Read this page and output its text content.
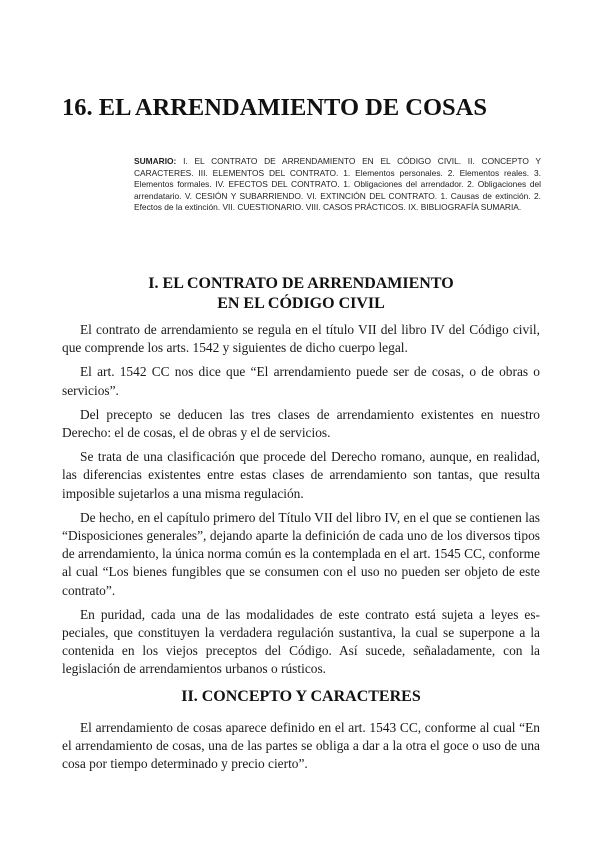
16. EL ARRENDAMIENTO DE COSAS

SUMARIO: I. EL CONTRATO DE ARRENDAMIENTO EN EL CÓDIGO CIVIL. II. CONCEPTO Y CARACTERES. III. ELEMENTOS DEL CONTRATO. 1. Elementos personales. 2. Elementos reales. 3. Elementos formales. IV. EFECTOS DEL CONTRATO. 1. Obligaciones del arrendador. 2. Obligaciones del arrendatario. V. CESIÓN Y SUBARRIENDO. VI. EXTINCIÓN DEL CONTRATO. 1. Causas de extinción. 2. Efectos de la extinción. VII. CUESTIONARIO. VIII. CASOS PRÁCTICOS. IX. BIBLIOGRAFÍA SUMARIA.

I. EL CONTRATO DE ARRENDAMIENTO
EN EL CÓDIGO CIVIL

El contrato de arrendamiento se regula en el título VII del libro IV del Código civil, que comprende los arts. 1542 y siguientes de dicho cuerpo legal.

El art. 1542 CC nos dice que “El arrendamiento puede ser de cosas, o de obras o servicios”.

Del precepto se deducen las tres clases de arrendamiento existentes en nuestro Derecho: el de cosas, el de obras y el de servicios.

Se trata de una clasificación que procede del Derecho romano, aunque, en realidad, las diferencias existentes entre estas clases de arrendamiento son tantas, que resulta imposible sujetarlos a una misma regulación.

De hecho, en el capítulo primero del Título VII del libro IV, en el que se contienen las “Disposiciones generales”, dejando aparte la definición de cada uno de los diversos tipos de arrendamiento, la única norma común es la contemplada en el art. 1545 CC, conforme al cual “Los bienes fungibles que se consumen con el uso no pueden ser objeto de este contrato”.

En puridad, cada una de las modalidades de este contrato está sujeta a leyes especiales, que constituyen la verdadera regulación sustantiva, la cual se superpone a la contenida en los viejos preceptos del Código. Así sucede, señaladamente, con la legislación de arrendamientos urbanos o rústicos.

II. CONCEPTO Y CARACTERES

El arrendamiento de cosas aparece definido en el art. 1543 CC, conforme al cual “En el arrendamiento de cosas, una de las partes se obliga a dar a la otra el goce o uso de una cosa por tiempo determinado y precio cierto”.
